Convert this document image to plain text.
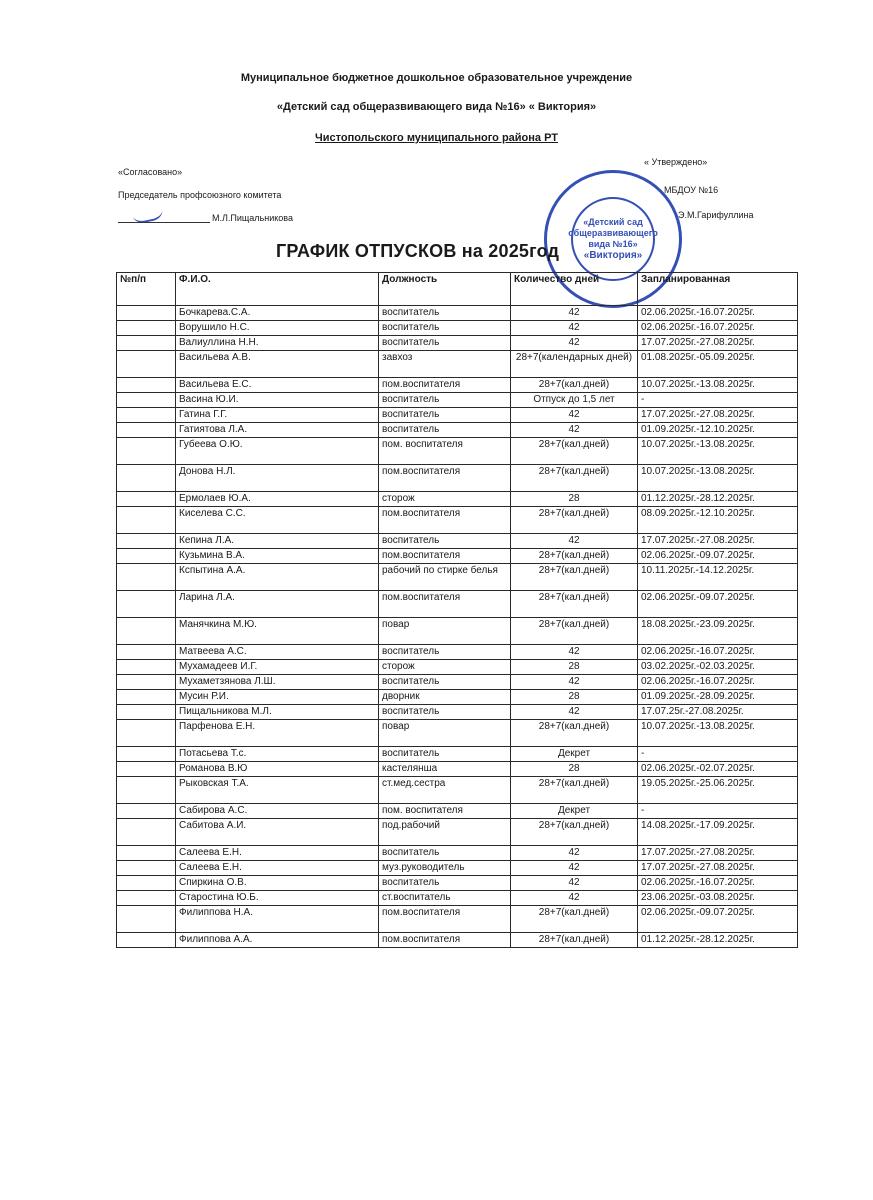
Муниципальное бюджетное дошкольное образовательное учреждение
«Детский сад общеразвивающего вида №16» « Виктория»
Чистопольского муниципального района РТ
«Согласовано»
Председатель профсоюзного комитета
М.Л.Пищальникова
« Утверждено»
МБДОУ №16
Э.М.Гарифуллина
«Детский сад
общеразвивающего
вида №16»
«Виктория»
ГРАФИК ОТПУСКОВ на 2025год
№п/п	Ф.И.О.	Должность	Количество дней	Запланированная
	Бочкарева.С.А.	воспитатель	42	02.06.2025г.-16.07.2025г.
	Ворушило Н.С.	воспитатель	42	02.06.2025г.-16.07.2025г.
	Валиуллина Н.Н.	воспитатель	42	17.07.2025г.-27.08.2025г.
	Васильева А.В.	завхоз	28+7(календарных дней)	01.08.2025г.-05.09.2025г.
	Васильева Е.С.	пом.воспитателя	28+7(кал.дней)	10.07.2025г.-13.08.2025г.
	Васина Ю.И.	воспитатель	Отпуск до 1,5 лет	-
	Гатина Г.Г.	воспитатель	42	17.07.2025г.-27.08.2025г.
	Гатиятова Л.А.	воспитатель	42	01.09.2025г.-12.10.2025г.
	Губеева О.Ю.	пом. воспитателя	28+7(кал.дней)	10.07.2025г.-13.08.2025г.
	Донова Н.Л.	пом.воспитателя	28+7(кал.дней)	10.07.2025г.-13.08.2025г.
	Ермолаев Ю.А.	сторож	28	01.12.2025г.-28.12.2025г.
	Киселева С.С.	пом.воспитателя	28+7(кал.дней)	08.09.2025г.-12.10.2025г.
	Кепина Л.А.	воспитатель	42	17.07.2025г.-27.08.2025г.
	Кузьмина В.А.	пом.воспитателя	28+7(кал.дней)	02.06.2025г.-09.07.2025г.
	Кспытина А.А.	рабочий по стирке белья	28+7(кал.дней)	10.11.2025г.-14.12.2025г.
	Ларина Л.А.	пом.воспитателя	28+7(кал.дней)	02.06.2025г.-09.07.2025г.
	Манячкина М.Ю.	повар	28+7(кал.дней)	18.08.2025г.-23.09.2025г.
	Матвеева А.С.	воспитатель	42	02.06.2025г.-16.07.2025г.
	Мухамадеев И.Г.	сторож	28	03.02.2025г.-02.03.2025г.
	Мухаметзянова Л.Ш.	воспитатель	42	02.06.2025г.-16.07.2025г.
	Мусин Р.И.	дворник	28	01.09.2025г.-28.09.2025г.
	Пищальникова М.Л.	воспитатель	42	17.07.25г.-27.08.2025г.
	Парфенова Е.Н.	повар	28+7(кал.дней)	10.07.2025г.-13.08.2025г.
	Потасьева Т.с.	воспитатель	Декрет	-
	Романова В.Ю	кастелянша	28	02.06.2025г.-02.07.2025г.
	Рыковская Т.А.	ст.мед.сестра	28+7(кал.дней)	19.05.2025г.-25.06.2025г.
	Сабирова А.С.	пом. воспитателя	Декрет	-
	Сабитова А.И.	под.рабочий	28+7(кал.дней)	14.08.2025г.-17.09.2025г.
	Салеева Е.Н.	воспитатель	42	17.07.2025г.-27.08.2025г.
	Салеева Е.Н.	муз.руководитель	42	17.07.2025г.-27.08.2025г.
	Спиркина О.В.	воспитатель	42	02.06.2025г.-16.07.2025г.
	Старостина Ю.Б.	ст.воспитатель	42	23.06.2025г.-03.08.2025г.
	Филиппова Н.А.	пом.воспитателя	28+7(кал.дней)	02.06.2025г.-09.07.2025г.
	Филиппова А.А.	пом.воспитателя	28+7(кал.дней)	01.12.2025г.-28.12.2025г.
